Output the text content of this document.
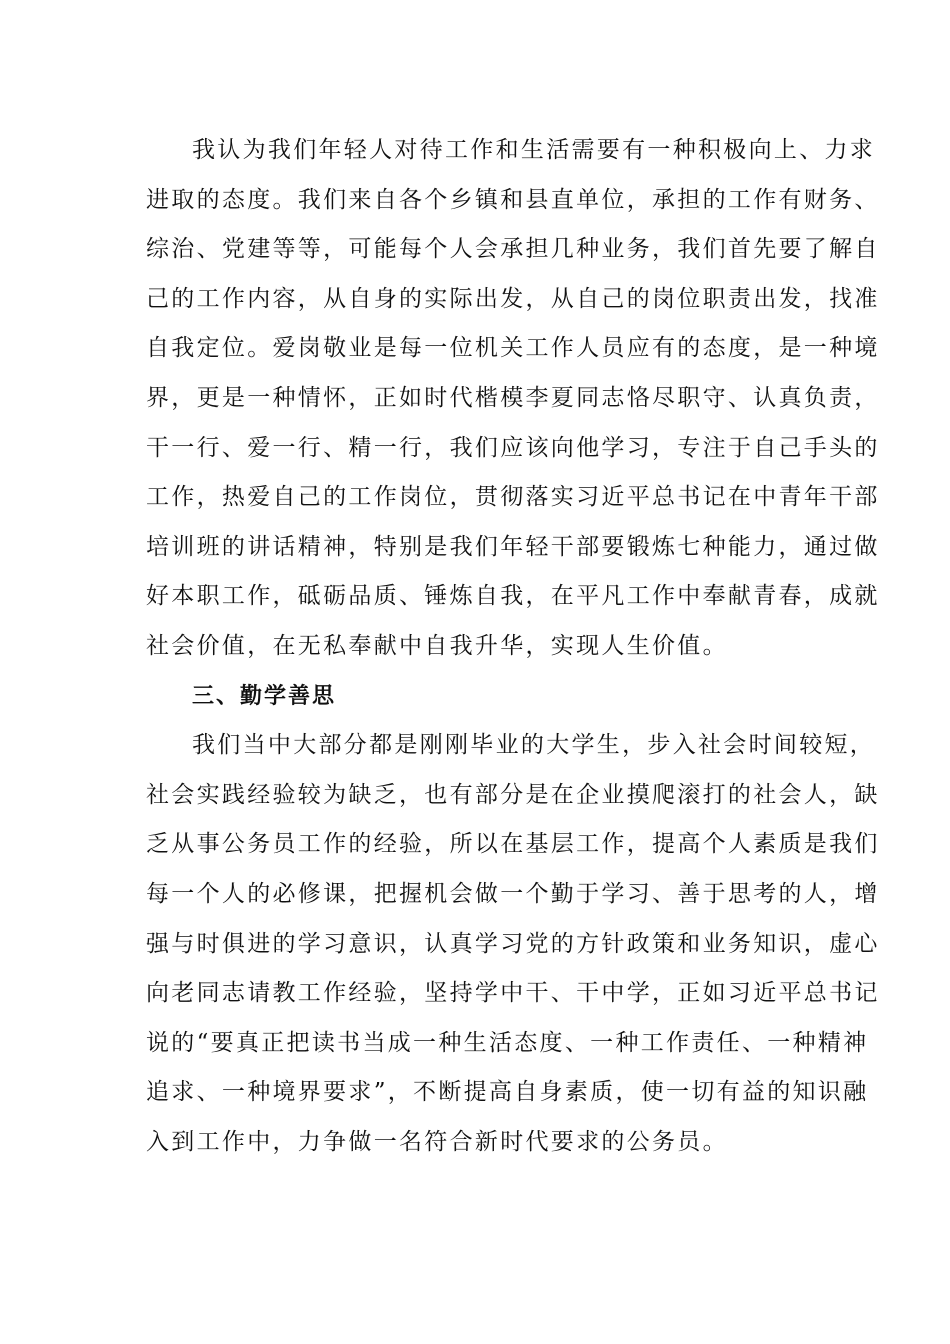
我认为我们年轻人对待工作和生活需要有一种积极向上、力求
进取的态度。我们来自各个乡镇和县直单位，承担的工作有财务、
综治、党建等等，可能每个人会承担几种业务，我们首先要了解自
己的工作内容，从自身的实际出发，从自己的岗位职责出发，找准
自我定位。爱岗敬业是每一位机关工作人员应有的态度，是一种境
界，更是一种情怀，正如时代楷模李夏同志恪尽职守、认真负责，
干一行、爱一行、精一行，我们应该向他学习，专注于自己手头的
工作，热爱自己的工作岗位，贯彻落实习近平总书记在中青年干部
培训班的讲话精神，特别是我们年轻干部要锻炼七种能力，通过做
好本职工作，砥砺品质、锤炼自我，在平凡工作中奉献青春，成就
社会价值，在无私奉献中自我升华，实现人生价值。
三、勤学善思
我们当中大部分都是刚刚毕业的大学生，步入社会时间较短，
社会实践经验较为缺乏，也有部分是在企业摸爬滚打的社会人，缺
乏从事公务员工作的经验，所以在基层工作，提高个人素质是我们
每一个人的必修课，把握机会做一个勤于学习、善于思考的人，增
强与时俱进的学习意识，认真学习党的方针政策和业务知识，虚心
向老同志请教工作经验，坚持学中干、干中学，正如习近平总书记
说的“要真正把读书当成一种生活态度、一种工作责任、一种精神
追求、一种境界要求”，不断提高自身素质，使一切有益的知识融
入到工作中，力争做一名符合新时代要求的公务员。
